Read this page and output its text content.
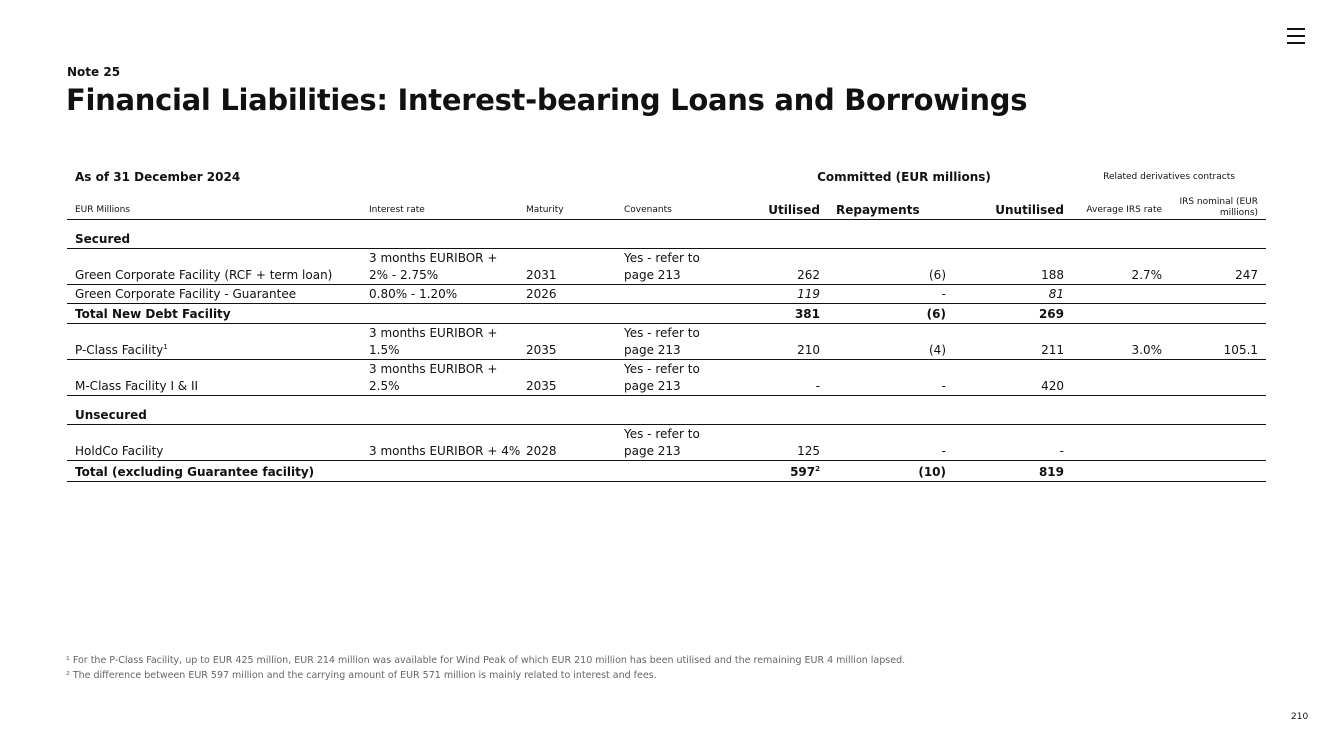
Note 25
Financial Liabilities: Interest-bearing Loans and Borrowings
As of 31 December 2024				Committed (EUR millions)			Related derivatives contracts	
EUR Millions	Interest rate	Maturity	Covenants	Utilised	Repayments	Unutilised	Average IRS rate	IRS nominal (EUR millions)
Secured								
Green Corporate Facility (RCF + term loan)	3 months EURIBOR + 2% - 2.75%	2031	Yes - refer to page 213	262	(6)	188	2.7%	247
Green Corporate Facility - Guarantee	0.80% - 1.20%	2026		119	-	81		
Total New Debt Facility				381	(6)	269		
P-Class Facility$^1$	3 months EURIBOR + 1.5%	2035	Yes - refer to page 213	210	(4)	211	3.0%	105.1
M-Class Facility I & II	3 months EURIBOR + 2.5%	2035	Yes - refer to page 213	-	-	420		
Unsecured								
HoldCo Facility	3 months EURIBOR + 4%	2028	Yes - refer to page 213	125	-	-		
Total (excluding Guarantee facility)				$597^2$	(10)	819		
¹ For the P-Class Facility, up to EUR 425 million, EUR 214 million was available for Wind Peak of which EUR 210 million has been utilised and the remaining EUR 4 million lapsed.
² The difference between EUR 597 million and the carrying amount of EUR 571 million is mainly related to interest and fees.
210
